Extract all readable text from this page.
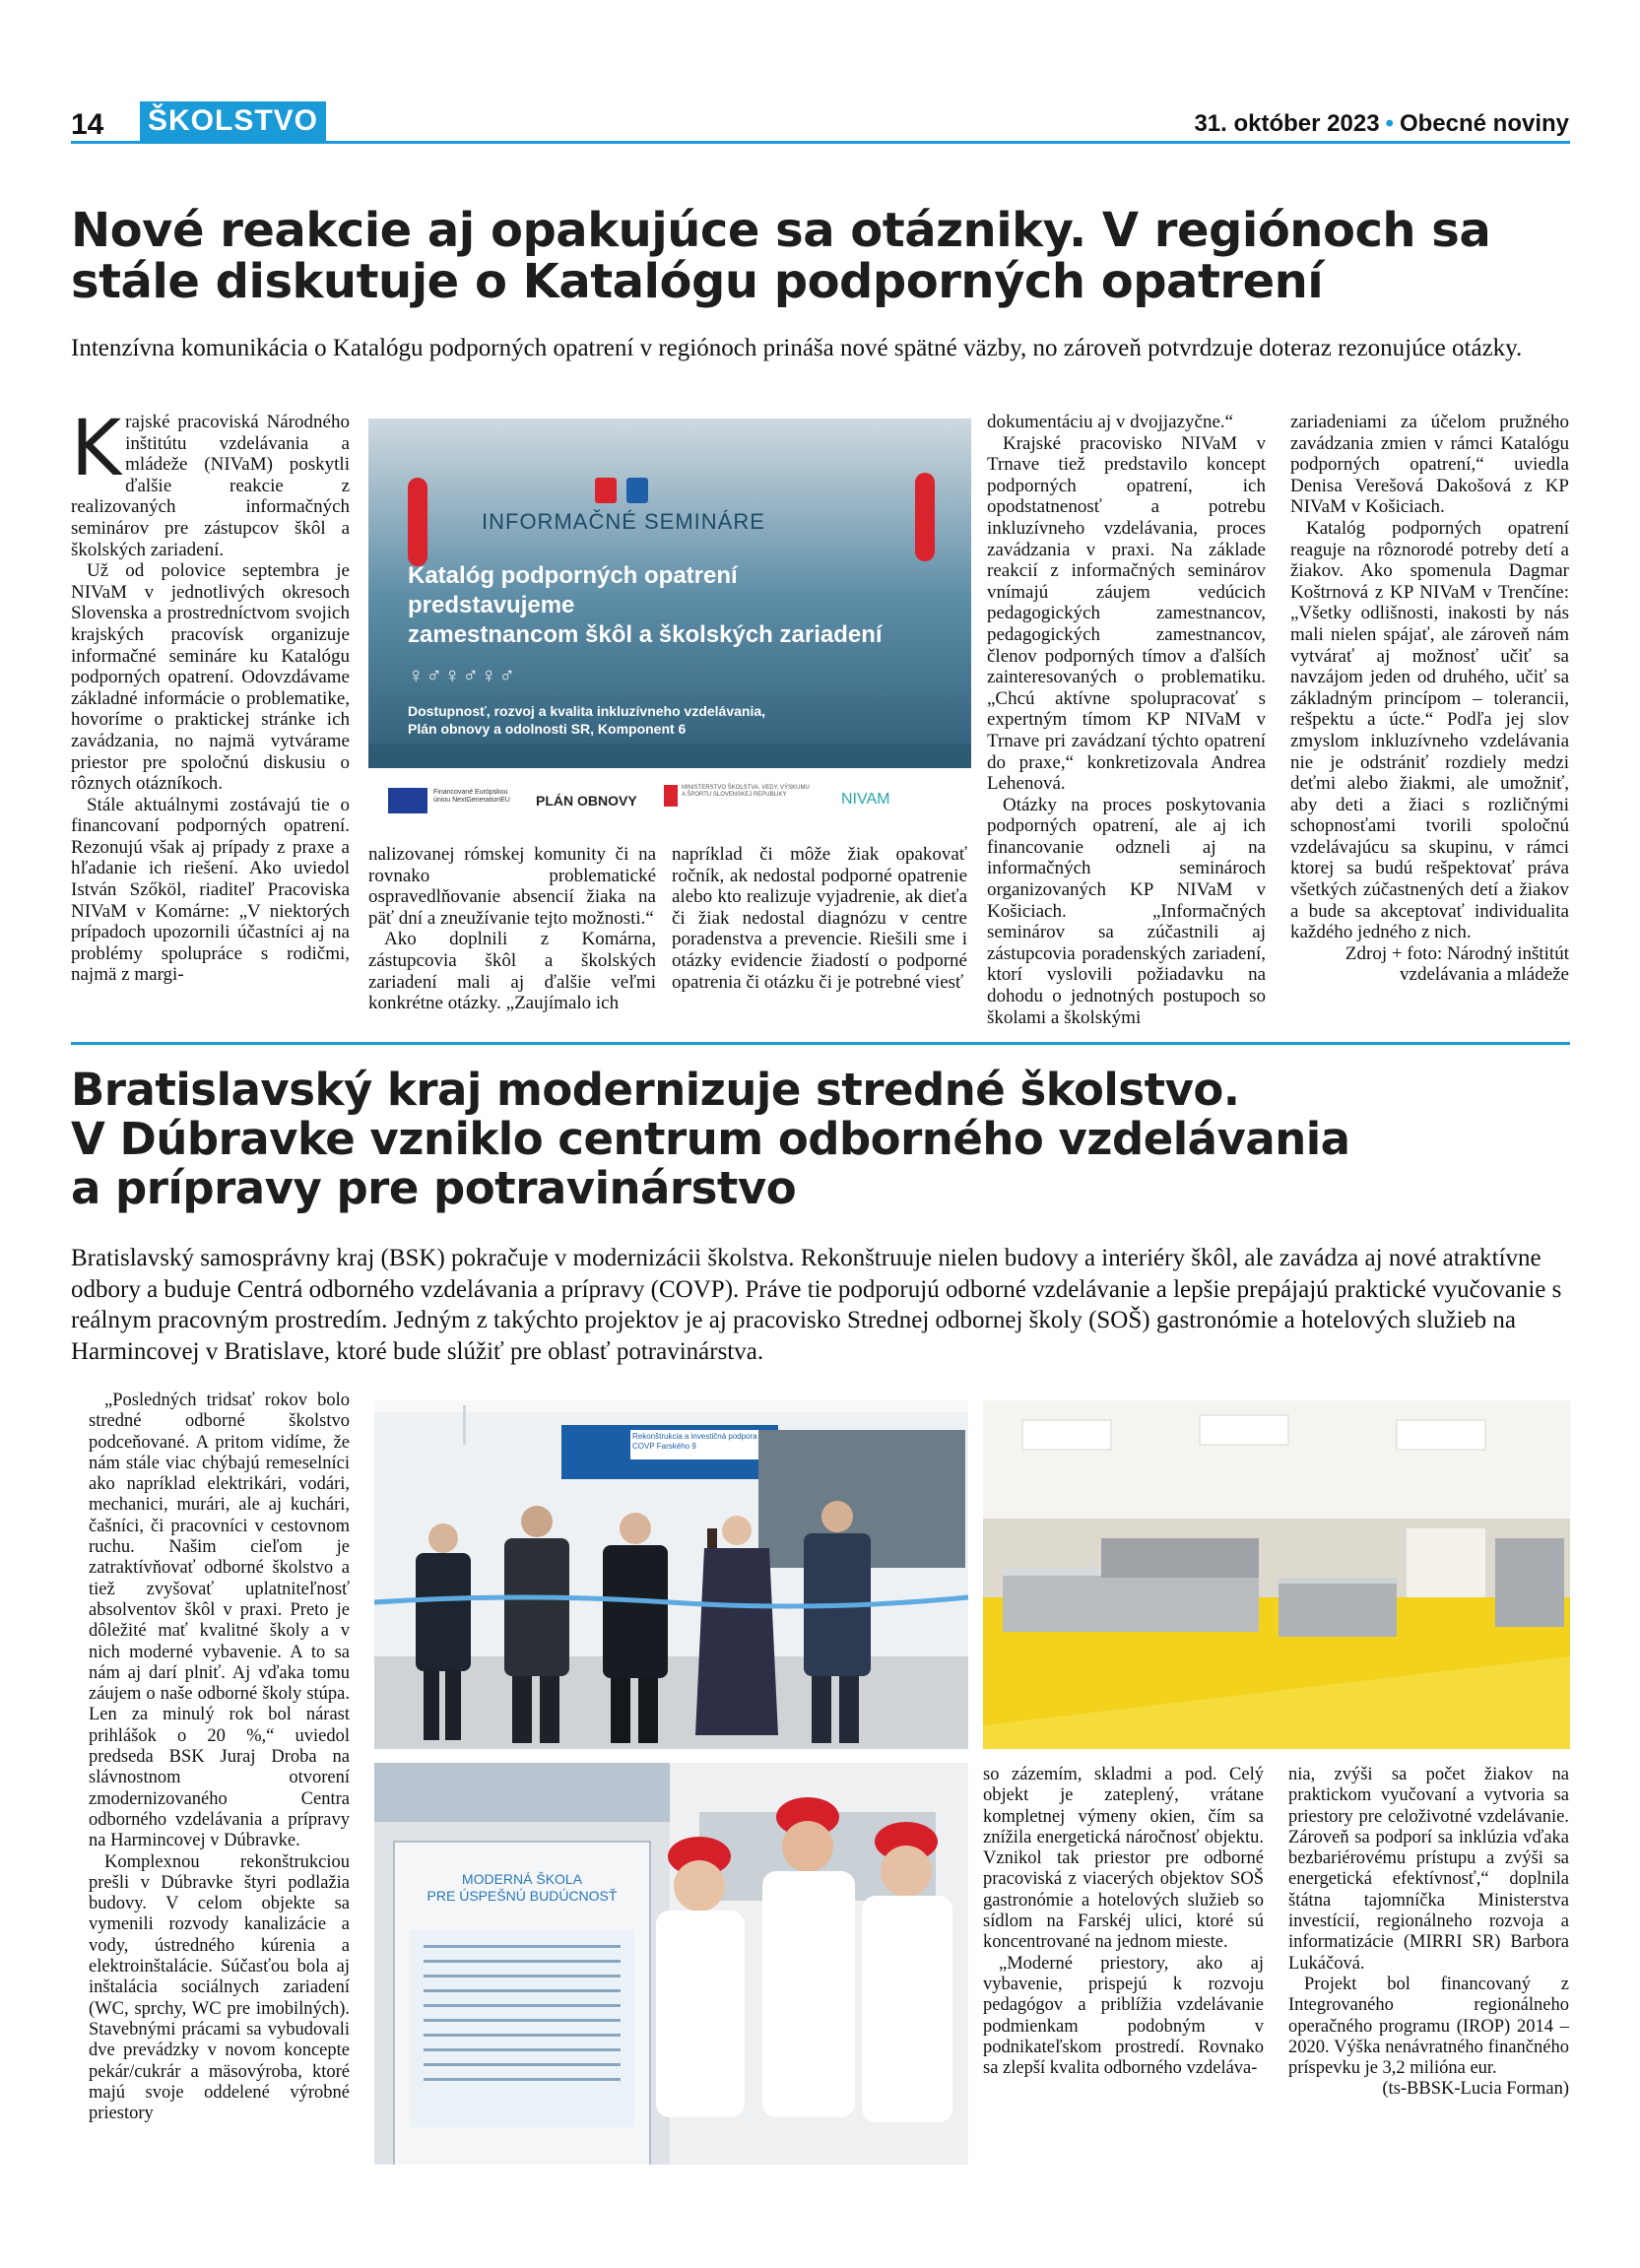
14 ŠKOLSTVO	31. október 2023 • Obecné noviny
Nové reakcie aj opakujúce sa otázniky. V regiónoch sa
stále diskutuje o Katalógu podporných opatrení
Intenzívna komunikácia o Katalógu podporných opatrení v regiónoch prináša nové spätné väzby, no zároveň potvrdzuje doteraz rezonujúce otázky.

Krajské pracoviská Národného inštitútu vzdelávania a mládeže (NIVaM) poskytli ďalšie reakcie z realizovaných informačných seminárov pre zástupcov škôl a školských zariadení.

Už od polovice septembra je NIVaM v jednotlivých okresoch Slovenska a prostredníctvom svojich krajských pracovísk organizuje informačné semináre ku Katalógu podporných opatrení. Odovzdávame základné informácie o problematike, hovoríme o praktickej stránke ich zavádzania, no najmä vytvárame priestor pre spoločnú diskusiu o rôznych otázníkoch.

Stále aktuálnymi zostávajú tie o financovaní podporných opatrení. Rezonujú však aj prípady z praxe a hľadanie ich riešení. Ako uviedol István Szőköl, riaditeľ Pracoviska NIVaM v Komárne: „V niektorých prípadoch upozornili účastníci aj na problémy spolupráce s rodičmi, najmä z margi-

INFORMAČNÉ SEMINÁRE
Katalóg podporných opatrení
predstavujeme
zamestnancom škôl a školských zariadení
♀♂♀♂♀♂
Dostupnosť, rozvoj a kvalita inkluzívneho vzdelávania,
Plán obnovy a odolnosti SR, Komponent 6
Financované Európskou úniou NextGenerationEU	PLÁN OBNOVY
MINISTERSTVO ŠKOLSTVA, VEDY, VÝSKUMU A ŠPORTU SLOVENSKEJ REPUBLIKY	NIVAM

nalizovanej rómskej komunity či na rovnako problematické ospravedlňovanie absencií žiaka na päť dní a zneužívanie tejto možnosti.“

Ako doplnili z Komárna, zástupcovia škôl a školských zariadení mali aj ďalšie veľmi konkrétne otázky. „Zaujímalo ich

napríklad či môže žiak opakovať ročník, ak nedostal podporné opatrenie alebo kto realizuje vyjadrenie, ak dieťa či žiak nedostal diagnózu v centre poradenstva a prevencie. Riešili sme i otázky evidencie žiadostí o podporné opatrenia či otázku či je potrebné viesť

dokumentáciu aj v dvojjazyčne.“

Krajské pracovisko NIVaM v Trnave tiež predstavilo koncept podporných opatrení, ich opodstatnenosť a potrebu inkluzívneho vzdelávania, proces zavádzania v praxi. Na základe reakcií z informačných seminárov vnímajú záujem vedúcich pedagogických zamestnancov, pedagogických zamestnancov, členov podporných tímov a ďalších zainteresovaných o problematiku. „Chcú aktívne spolupracovať s expertným tímom KP NIVaM v Trnave pri zavádzaní týchto opatrení do praxe,“ konkretizovala Andrea Lehenová.

Otázky na proces poskytovania podporných opatrení, ale aj ich financovanie odzneli aj na informačných seminároch organizovaných KP NIVaM v Košiciach. „Informačných seminárov sa zúčastnili aj zástupcovia poradenských zariadení, ktorí vyslovili požiadavku na dohodu o jednotných postupoch so školami a školskými

zariadeniami za účelom pružného zavádzania zmien v rámci Katalógu podporných opatrení,“ uviedla Denisa Verešová Dakošová z KP NIVaM v Košiciach.

Katalóg podporných opatrení reaguje na rôznorodé potreby detí a žiakov. Ako spomenula Dagmar Koštrnová z KP NIVaM v Trenčíne: „Všetky odlišnosti, inakosti by nás mali nielen spájať, ale zároveň nám vytvárať aj možnosť učiť sa navzájom jeden od druhého, učiť sa základným princípom – tolerancii, rešpektu a úcte.“ Podľa jej slov zmyslom inkluzívneho vzdelávania nie je odstrániť rozdiely medzi deťmi alebo žiakmi, ale umožniť, aby deti a žiaci s rozličnými schopnosťami tvorili spoločnú vzdelávajúcu sa skupinu, v rámci ktorej sa budú rešpektovať práva všetkých zúčastnených detí a žiakov a bude sa akceptovať individualita každého jedného z nich.

Zdroj + foto: Národný inštitút
vzdelávania a mládeže

Bratislavský kraj modernizuje stredné školstvo.
V Dúbravke vzniklo centrum odborného vzdelávania
a prípravy pre potravinárstvo
Bratislavský samosprávny kraj (BSK) pokračuje v modernizácii školstva. Rekonštruuje nielen budovy a interiéry škôl, ale zavádza aj nové atraktívne odbory a buduje Centrá odborného vzdelávania a prípravy (COVP). Práve tie podporujú odborné vzdelávanie a lepšie prepájajú praktické vyučovanie s reálnym pracovným prostredím. Jedným z takýchto projektov je aj pracovisko Strednej odbornej školy (SOŠ) gastronómie a hotelových služieb na Harmincovej v Bratislave, ktoré bude slúžiť pre oblasť potravinárstva.

„Posledných tridsať rokov bolo stredné odborné školstvo podceňované. A pritom vidíme, že nám stále viac chýbajú remeselníci ako napríklad elektrikári, vodári, mechanici, murári, ale aj kuchári, čašníci, či pracovníci v cestovnom ruchu. Našim cieľom je zatraktívňovať odborné školstvo a tiež zvyšovať uplatniteľnosť absolventov škôl v praxi. Preto je dôležité mať kvalitné školy a v nich moderné vybavenie. A to sa nám aj darí plniť. Aj vďaka tomu záujem o naše odborné školy stúpa. Len za minulý rok bol nárast prihlášok o 20 %,“ uviedol predseda BSK Juraj Droba na slávnostnom otvorení zmodernizovaného Centra odborného vzdelávania a prípravy na Harmincovej v Dúbravke.

Komplexnou rekonštrukciou prešli v Dúbravke štyri podlažia budovy. V celom objekte sa vymenili rozvody kanalizácie a vody, ústredného kúrenia a elektroinštalácie. Súčasťou bola aj inštalácia sociálnych zariadení (WC, sprchy, WC pre imobilných). Stavebnými prácami sa vybudovali dve prevádzky v novom koncepte pekár/cukrár a mäsovýroba, ktoré majú svoje oddelené výrobné priestory

Rekonštrukcia a investičná podpora COVP Farského 9
MODERNÁ ŠKOLA
PRE ÚSPEŠNÚ BUDÚCNOSŤ

so zázemím, skladmi a pod. Celý objekt je zateplený, vrátane kompletnej výmeny okien, čím sa znížila energetická náročnosť objektu. Vznikol tak priestor pre odborné pracoviská z viacerých objektov SOŠ gastronómie a hotelových služieb so sídlom na Farskéj ulici, ktoré sú koncentrované na jednom mieste.

„Moderné priestory, ako aj vybavenie, prispejú k rozvoju pedagógov a priblížia vzdelávanie podmienkam podobným v podnikateľskom prostredí. Rovnako sa zlepší kvalita odborného vzdeláva-

nia, zvýši sa počet žiakov na praktickom vyučovaní a vytvoria sa priestory pre celoživotné vzdelávanie. Zároveň sa podporí sa inklúzia vďaka bezbariérovému prístupu a zvýši sa energetická efektívnosť,“ doplnila štátna tajomníčka Ministerstva investícií, regionálneho rozvoja a informatizácie (MIRRI SR) Barbora Lukáčová.

Projekt bol financovaný z Integrovaného regionálneho operačného programu (IROP) 2014 – 2020. Výška nenávratného finančného príspevku je 3,2 milióna eur.

(ts-BBSK-Lucia Forman)
